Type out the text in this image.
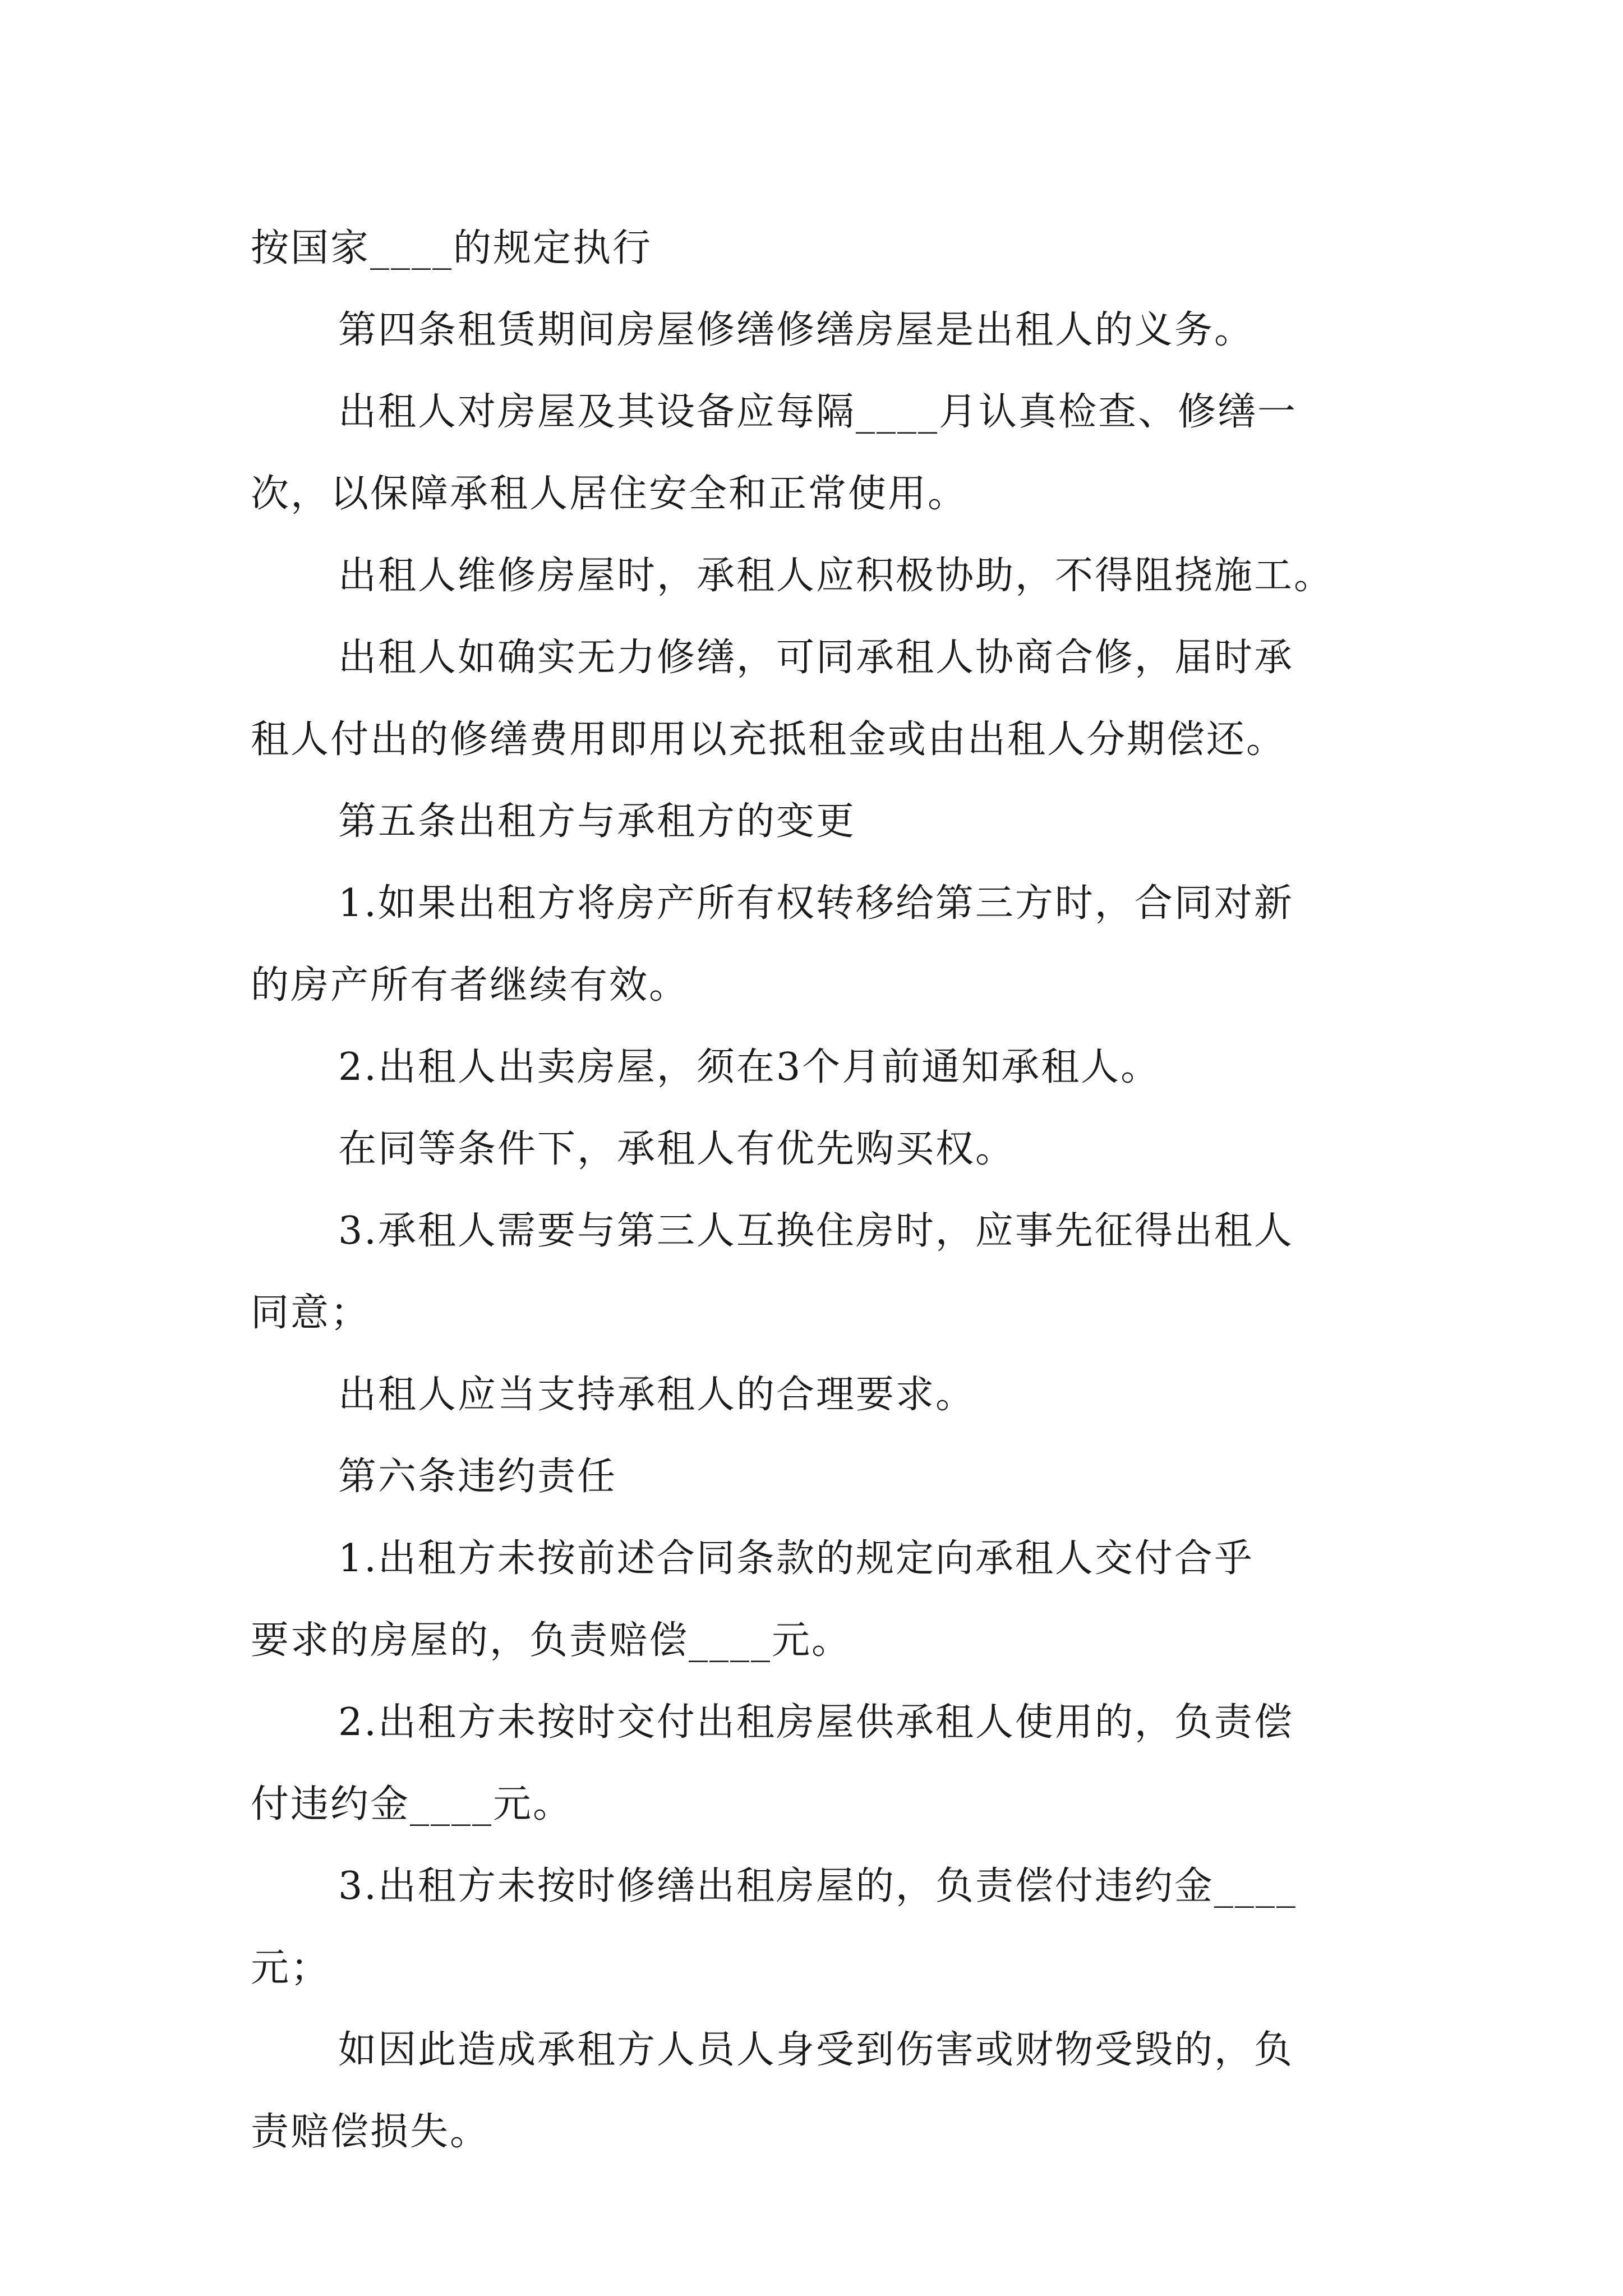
按国家____的规定执行
第四条租赁期间房屋修缮修缮房屋是出租人的义务。
出租人对房屋及其设备应每隔____月认真检查、修缮一
次，以保障承租人居住安全和正常使用。
出租人维修房屋时，承租人应积极协助，不得阻挠施工。
出租人如确实无力修缮，可同承租人协商合修，届时承
租人付出的修缮费用即用以充抵租金或由出租人分期偿还。
第五条出租方与承租方的变更
1.如果出租方将房产所有权转移给第三方时，合同对新
的房产所有者继续有效。
2.出租人出卖房屋，须在3个月前通知承租人。
在同等条件下，承租人有优先购买权。
3.承租人需要与第三人互换住房时，应事先征得出租人
同意；
出租人应当支持承租人的合理要求。
第六条违约责任
1.出租方未按前述合同条款的规定向承租人交付合乎
要求的房屋的，负责赔偿____元。
2.出租方未按时交付出租房屋供承租人使用的，负责偿
付违约金____元。
3.出租方未按时修缮出租房屋的，负责偿付违约金____
元；
如因此造成承租方人员人身受到伤害或财物受毁的，负
责赔偿损失。
